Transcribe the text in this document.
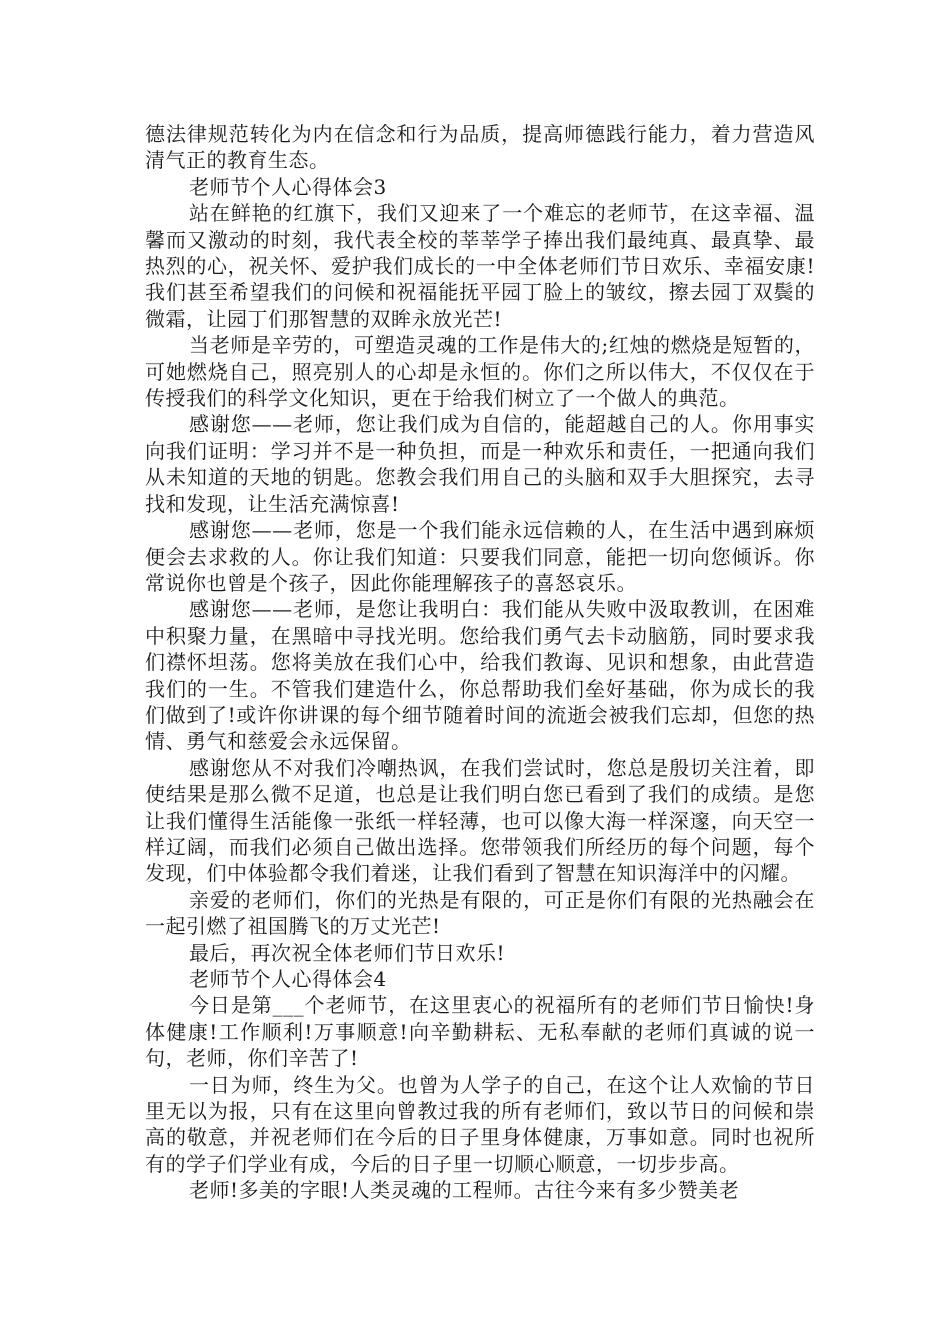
德法律规范转化为内在信念和行为品质，提高师德践行能力，着力营造风清气正的教育生态。

老师节个人心得体会3

站在鲜艳的红旗下，我们又迎来了一个难忘的老师节，在这幸福、温馨而又激动的时刻，我代表全校的莘莘学子捧出我们最纯真、最真挚、最热烈的心，祝关怀、爱护我们成长的一中全体老师们节日欢乐、幸福安康!我们甚至希望我们的问候和祝福能抚平园丁脸上的皱纹，擦去园丁双鬓的微霜，让园丁们那智慧的双眸永放光芒!

当老师是辛劳的，可塑造灵魂的工作是伟大的;红烛的燃烧是短暂的，可她燃烧自己，照亮别人的心却是永恒的。你们之所以伟大，不仅仅在于传授我们的科学文化知识，更在于给我们树立了一个做人的典范。

感谢您——老师，您让我们成为自信的，能超越自己的人。你用事实向我们证明：学习并不是一种负担，而是一种欢乐和责任，一把通向我们从未知道的天地的钥匙。您教会我们用自己的头脑和双手大胆探究，去寻找和发现，让生活充满惊喜!

感谢您——老师，您是一个我们能永远信赖的人，在生活中遇到麻烦便会去求救的人。你让我们知道：只要我们同意，能把一切向您倾诉。你常说你也曾是个孩子，因此你能理解孩子的喜怒哀乐。

感谢您——老师，是您让我明白：我们能从失败中汲取教训，在困难中积聚力量，在黑暗中寻找光明。您给我们勇气去卡动脑筋，同时要求我们襟怀坦荡。您将美放在我们心中，给我们教诲、见识和想象，由此营造我们的一生。不管我们建造什么，你总帮助我们垒好基础，你为成长的我们做到了!或许你讲课的每个细节随着时间的流逝会被我们忘却，但您的热情、勇气和慈爱会永远保留。

感谢您从不对我们冷嘲热讽，在我们尝试时，您总是殷切关注着，即使结果是那么微不足道，也总是让我们明白您已看到了我们的成绩。是您让我们懂得生活能像一张纸一样轻薄，也可以像大海一样深邃，向天空一样辽阔，而我们必须自己做出选择。您带领我们所经历的每个问题，每个发现，们中体验都令我们着迷，让我们看到了智慧在知识海洋中的闪耀。

亲爱的老师们，你们的光热是有限的，可正是你们有限的光热融会在一起引燃了祖国腾飞的万丈光芒!

最后，再次祝全体老师们节日欢乐!

老师节个人心得体会4

今日是第___个老师节，在这里衷心的祝福所有的老师们节日愉快!身体健康!工作顺利!万事顺意!向辛勤耕耘、无私奉献的老师们真诚的说一句，老师，你们辛苦了!

一日为师，终生为父。也曾为人学子的自己，在这个让人欢愉的节日里无以为报，只有在这里向曾教过我的所有老师们，致以节日的问候和崇高的敬意，并祝老师们在今后的日子里身体健康，万事如意。同时也祝所有的学子们学业有成，今后的日子里一切顺心顺意，一切步步高。

老师!多美的字眼!人类灵魂的工程师。古往今来有多少赞美老
